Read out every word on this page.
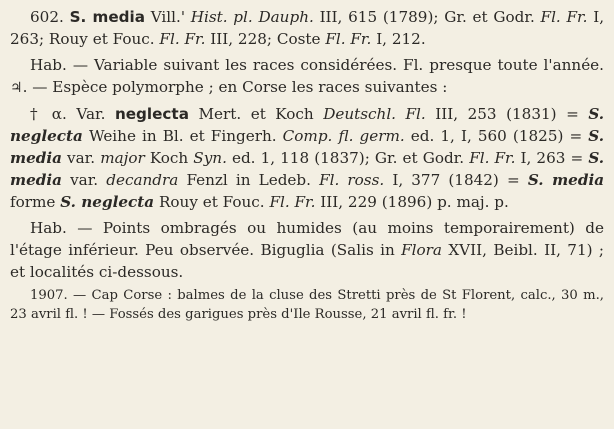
602. S. media Vill.' Hist. pl. Dauph. III, 615 (1789); Gr. et Godr. Fl. Fr. I, 263; Rouy et Fouc. Fl. Fr. III, 228; Coste Fl. Fr. I, 212.

Hab. — Variable suivant les races considérées. Fl. presque toute l'année. ♃. — Espèce polymorphe ; en Corse les races suivantes :

† α. Var. neglecta Mert. et Koch Deutschl. Fl. III, 253 (1831) = S. neglecta Weihe in Bl. et Fingerh. Comp. fl. germ. ed. 1, I, 560 (1825) = S. media var. major Koch Syn. ed. 1, 118 (1837); Gr. et Godr. Fl. Fr. I, 263 = S. media var. decandra Fenzl in Ledeb. Fl. ross. I, 377 (1842) = S. media forme S. neglecta Rouy et Fouc. Fl. Fr. III, 229 (1896) p. maj. p.

Hab. — Points ombragés ou humides (au moins temporairement) de l'étage inférieur. Peu observée. Biguglia (Salis in Flora XVII, Beibl. II, 71) ; et localités ci-dessous.

1907. — Cap Corse : balmes de la cluse des Stretti près de St Florent, calc., 30 m., 23 avril fl. ! — Fossés des garigues près d'Ile Rousse, 21 avril fl. fr. !
